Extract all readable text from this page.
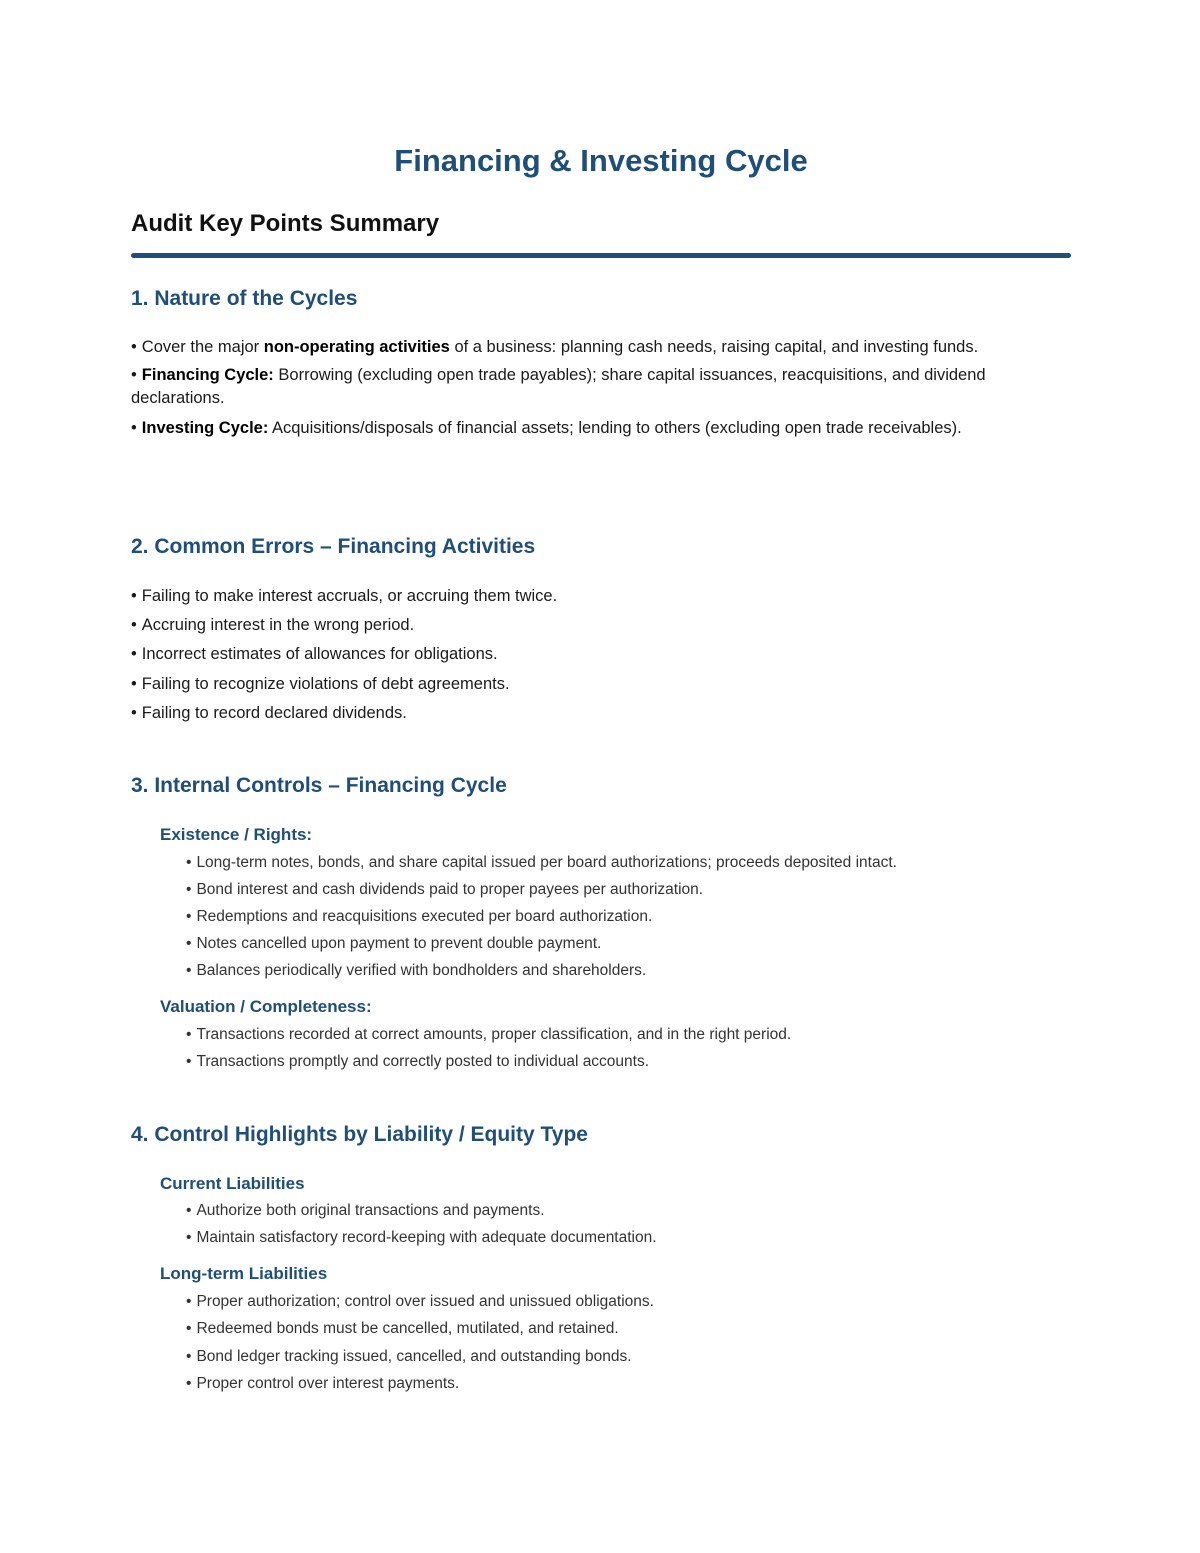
Financing & Investing Cycle
Audit Key Points Summary
1. Nature of the Cycles

• Cover the major non-operating activities of a business: planning cash needs, raising capital, and investing funds.

• Financing Cycle: Borrowing (excluding open trade payables); share capital issuances, reacquisitions, and dividend declarations.

• Investing Cycle: Acquisitions/disposals of financial assets; lending to others (excluding open trade receivables).

2. Common Errors – Financing Activities
• Failing to make interest accruals, or accruing them twice.
• Accruing interest in the wrong period.
• Incorrect estimates of allowances for obligations.
• Failing to recognize violations of debt agreements.
• Failing to record declared dividends.
3. Internal Controls – Financing Cycle
Existence / Rights:
• Long-term notes, bonds, and share capital issued per board authorizations; proceeds deposited intact.
• Bond interest and cash dividends paid to proper payees per authorization.
• Redemptions and reacquisitions executed per board authorization.
• Notes cancelled upon payment to prevent double payment.
• Balances periodically verified with bondholders and shareholders.
Valuation / Completeness:
• Transactions recorded at correct amounts, proper classification, and in the right period.
• Transactions promptly and correctly posted to individual accounts.
4. Control Highlights by Liability / Equity Type
Current Liabilities
• Authorize both original transactions and payments.
• Maintain satisfactory record-keeping with adequate documentation.
Long-term Liabilities
• Proper authorization; control over issued and unissued obligations.
• Redeemed bonds must be cancelled, mutilated, and retained.
• Bond ledger tracking issued, cancelled, and outstanding bonds.
• Proper control over interest payments.
